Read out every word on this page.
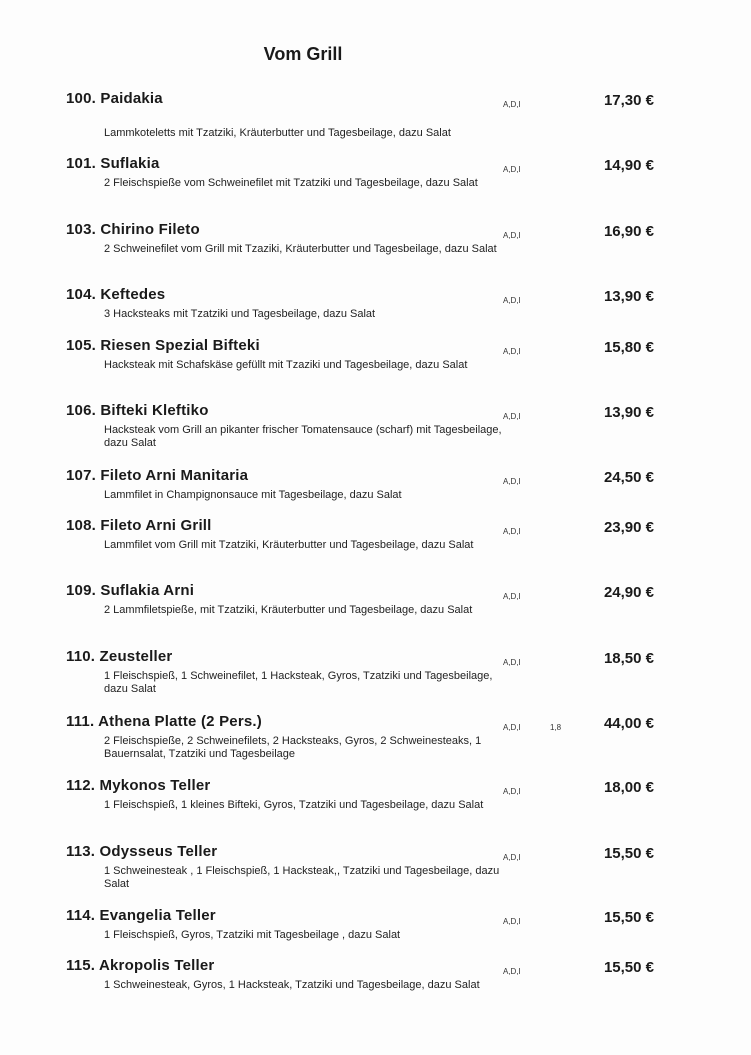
Vom Grill
100. Paidakia	A,D,I	17,30 €
Lammkoteletts mit Tzatziki, Kräuterbutter und Tagesbeilage, dazu Salat
101. Suflakia	A,D,I	14,90 €
2 Fleischspieße vom Schweinefilet mit Tzatziki und Tagesbeilage, dazu Salat
103. Chirino Fileto	A,D,I	16,90 €
2 Schweinefilet vom Grill mit Tzaziki, Kräuterbutter und Tagesbeilage, dazu Salat
104. Keftedes	A,D,I	13,90 €
3 Hacksteaks mit Tzatziki und Tagesbeilage, dazu Salat
105. Riesen Spezial Bifteki	A,D,I	15,80 €
Hacksteak mit Schafskäse gefüllt mit Tzaziki und Tagesbeilage, dazu Salat
106. Bifteki Kleftiko	A,D,I	13,90 €
Hacksteak vom Grill an pikanter frischer Tomatensauce (scharf) mit Tagesbeilage, dazu Salat
107. Fileto Arni Manitaria	A,D,I	24,50 €
Lammfilet in Champignonsauce mit Tagesbeilage, dazu Salat
108. Fileto Arni Grill	A,D,I	23,90 €
Lammfilet vom Grill mit Tzatziki, Kräuterbutter und Tagesbeilage, dazu Salat
109. Suflakia Arni	A,D,I	24,90 €
2 Lammfiletspieße, mit Tzatziki, Kräuterbutter und Tagesbeilage, dazu Salat
110. Zeusteller	A,D,I	18,50 €
1 Fleischspieß, 1 Schweinefilet, 1 Hacksteak, Gyros, Tzatziki und Tagesbeilage, dazu Salat
111. Athena Platte (2 Pers.)	A,D,I	1,8	44,00 €
2 Fleischspieße, 2 Schweinefilets, 2 Hacksteaks, Gyros, 2 Schweinesteaks, 1 Bauernsalat, Tzatziki und Tagesbeilage
112. Mykonos Teller	A,D,I	18,00 €
1 Fleischspieß, 1 kleines Bifteki, Gyros, Tzatziki und Tagesbeilage, dazu Salat
113. Odysseus Teller	A,D,I	15,50 €
1 Schweinesteak , 1 Fleischspieß, 1 Hacksteak,, Tzatziki und Tagesbeilage, dazu Salat
114. Evangelia Teller	A,D,I	15,50 €
1 Fleischspieß, Gyros, Tzatziki mit Tagesbeilage , dazu Salat
115. Akropolis Teller	A,D,I	15,50 €
1 Schweinesteak, Gyros, 1 Hacksteak, Tzatziki und Tagesbeilage, dazu Salat
